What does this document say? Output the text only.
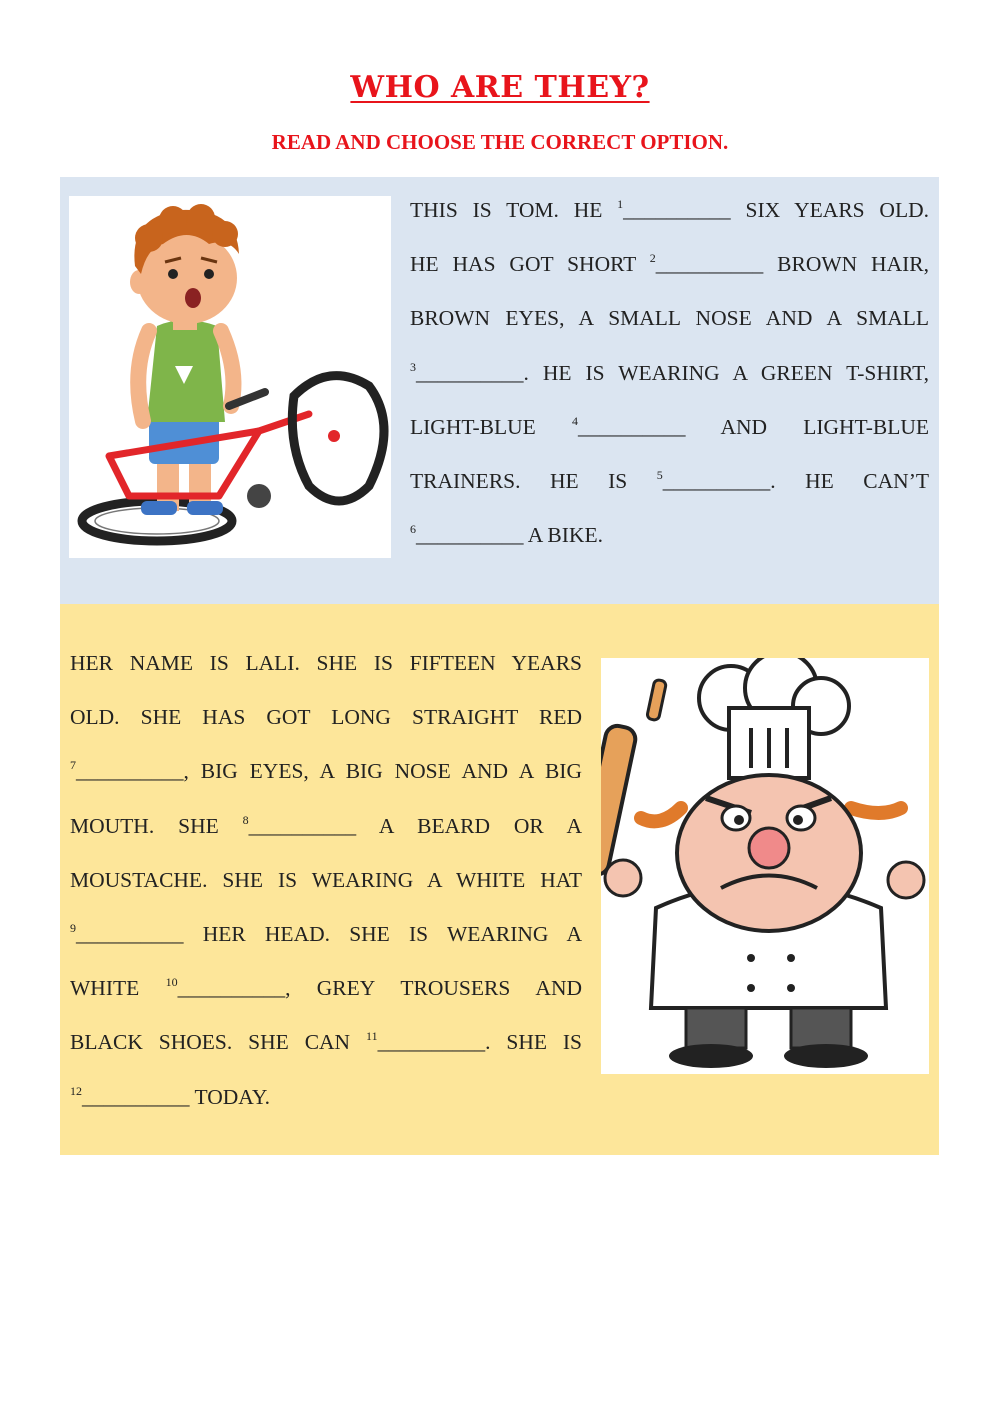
WHO ARE THEY?
READ AND CHOOSE THE CORRECT OPTION.
THIS IS TOM. HE $^1$__________ SIX YEARS OLD.
HE HAS GOT SHORT $^2$__________ BROWN HAIR,
BROWN EYES, A SMALL NOSE AND A SMALL
$^3$__________. HE IS WEARING A GREEN T-SHIRT,
LIGHT-BLUE	$^4$__________ AND LIGHT-BLUE
TRAINERS. HE IS $^5$__________. HE CAN’T
$^6$__________ A BIKE.
HER NAME IS LALI. SHE IS FIFTEEN YEARS
OLD. SHE HAS GOT LONG STRAIGHT RED
$^7$__________, BIG EYES, A BIG NOSE AND A BIG
MOUTH. SHE $^8$__________ A BEARD OR A
MOUSTACHE. SHE IS WEARING A WHITE HAT
$^9$__________ HER HEAD. SHE IS WEARING A
WHITE $^{10}$__________, GREY TROUSERS AND
BLACK SHOES. SHE CAN $^{11}$__________. SHE IS
$^{12}$__________ TODAY.
